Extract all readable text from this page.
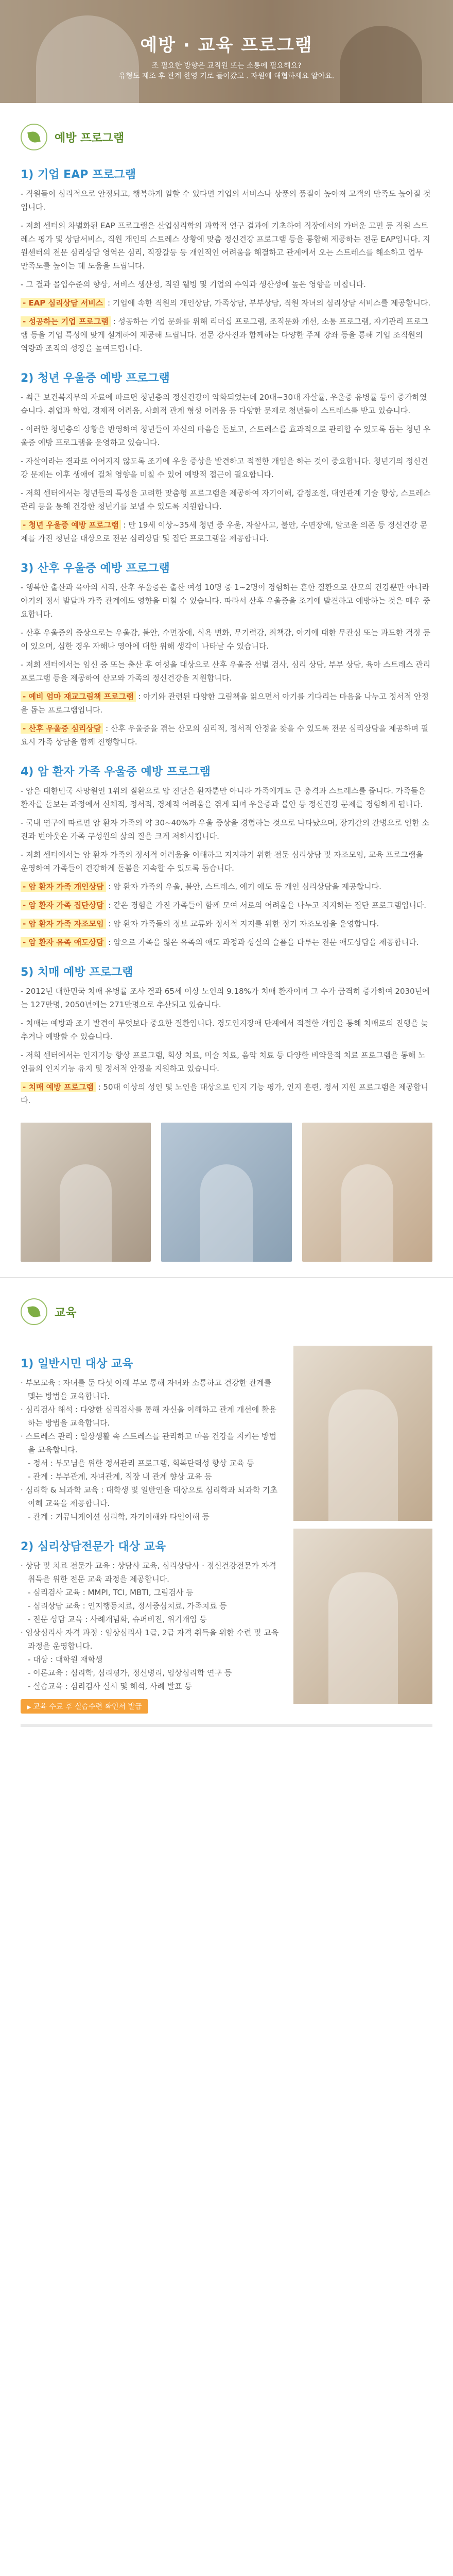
예방 · 교육 프로그램
조 필요한 방향은 교직원 또는 소통에 필요해요?
유형도 제조 후 관계 한영 기로 들어갔고 . 자원에 해협하세요 알아요.
예방 프로그램
1) 기업 EAP 프로그램

- 직원들이 심리적으로 안정되고, 행복하게 일할 수 있다면 기업의 서비스나 상품의 품질이 높아져 고객의 만족도 높아질 것입니다.

- 저희 센터의 차별화된 EAP 프로그램은 산업심리학의 과학적 연구 결과에 기초하여 직장에서의 가벼운 고민 등 직원 스트레스 평가 및 상담서비스, 직원 개인의 스트레스 상황에 맞춤 정신건강 프로그램 등을 통합해 제공하는 전문 EAP입니다. 지원센터의 전문 심리상담 영역은 심리, 직장갈등 등 개인적인 어려움을 해결하고 관계에서 오는 스트레스를 해소하고 업무 만족도를 높이는 데 도움을 드립니다.

- 그 결과 몰입수준의 향상, 서비스 생산성, 직원 웰빙 및 기업의 수익과 생산성에 높은 영향을 미칩니다.

- EAP 심리상담 서비스 : 기업에 속한 직원의 개인상담, 가족상담, 부부상담, 직원 자녀의 심리상담 서비스를 제공합니다.

- 성공하는 기업 프로그램 : 성공하는 기업 문화를 위해 리더십 프로그램, 조직문화 개선, 소통 프로그램, 자기관리 프로그램 등을 기업 특성에 맞게 설계하여 제공해 드립니다. 전문 강사진과 함께하는 다양한 주제 강좌 등을 통해 기업 조직원의 역량과 조직의 성장을 높여드립니다.

2) 청년 우울증 예방 프로그램

- 최근 보건복지부의 자료에 따르면 청년층의 정신건강이 악화되었는데 20대~30대 자살률, 우울증 유병률 등이 증가하였습니다. 취업과 학업, 경제적 어려움, 사회적 관계 형성 어려움 등 다양한 문제로 청년들이 스트레스를 받고 있습니다.

- 이러한 청년층의 상황을 반영하여 청년들이 자신의 마음을 돌보고, 스트레스를 효과적으로 관리할 수 있도록 돕는 청년 우울증 예방 프로그램을 운영하고 있습니다.

- 자살이라는 결과로 이어지지 않도록 조기에 우울 증상을 발견하고 적절한 개입을 하는 것이 중요합니다. 청년기의 정신건강 문제는 이후 생애에 걸쳐 영향을 미칠 수 있어 예방적 접근이 필요합니다.

- 저희 센터에서는 청년들의 특성을 고려한 맞춤형 프로그램을 제공하여 자기이해, 감정조절, 대인관계 기술 향상, 스트레스 관리 등을 통해 건강한 청년기를 보낼 수 있도록 지원합니다.

- 청년 우울증 예방 프로그램 : 만 19세 이상~35세 청년 중 우울, 자살사고, 불안, 수면장애, 알코올 의존 등 정신건강 문제를 가진 청년을 대상으로 전문 심리상담 및 집단 프로그램을 제공합니다.

3) 산후 우울증 예방 프로그램

- 행복한 출산과 육아의 시작, 산후 우울증은 출산 여성 10명 중 1~2명이 경험하는 흔한 질환으로 산모의 건강뿐만 아니라 아기의 정서 발달과 가족 관계에도 영향을 미칠 수 있습니다. 따라서 산후 우울증을 조기에 발견하고 예방하는 것은 매우 중요합니다.

- 산후 우울증의 증상으로는 우울감, 불안, 수면장애, 식욕 변화, 무기력감, 죄책감, 아기에 대한 무관심 또는 과도한 걱정 등이 있으며, 심한 경우 자해나 영아에 대한 위해 생각이 나타날 수 있습니다.

- 저희 센터에서는 임신 중 또는 출산 후 여성을 대상으로 산후 우울증 선별 검사, 심리 상담, 부부 상담, 육아 스트레스 관리 프로그램 등을 제공하여 산모와 가족의 정신건강을 지원합니다.

- 예비 엄마 재교그림책 프로그램 : 아기와 관련된 다양한 그림책을 읽으면서 아기를 기다리는 마음을 나누고 정서적 안정을 돕는 프로그램입니다.

- 산후 우울증 심리상담 : 산후 우울증을 겪는 산모의 심리적, 정서적 안정을 찾을 수 있도록 전문 심리상담을 제공하며 필요시 가족 상담을 함께 진행합니다.

4) 암 환자 가족 우울증 예방 프로그램

- 암은 대한민국 사망원인 1위의 질환으로 암 진단은 환자뿐만 아니라 가족에게도 큰 충격과 스트레스를 줍니다. 가족들은 환자를 돌보는 과정에서 신체적, 정서적, 경제적 어려움을 겪게 되며 우울증과 불안 등 정신건강 문제를 경험하게 됩니다.

- 국내 연구에 따르면 암 환자 가족의 약 30~40%가 우울 증상을 경험하는 것으로 나타났으며, 장기간의 간병으로 인한 소진과 번아웃은 가족 구성원의 삶의 질을 크게 저하시킵니다.

- 저희 센터에서는 암 환자 가족의 정서적 어려움을 이해하고 지지하기 위한 전문 심리상담 및 자조모임, 교육 프로그램을 운영하여 가족들이 건강하게 돌봄을 지속할 수 있도록 돕습니다.

- 암 환자 가족 개인상담 : 암 환자 가족의 우울, 불안, 스트레스, 예기 애도 등 개인 심리상담을 제공합니다.

- 암 환자 가족 집단상담 : 같은 경험을 가진 가족들이 함께 모여 서로의 어려움을 나누고 지지하는 집단 프로그램입니다.

- 암 환자 가족 자조모임 : 암 환자 가족들의 정보 교류와 정서적 지지를 위한 정기 자조모임을 운영합니다.

- 암 환자 유족 애도상담 : 암으로 가족을 잃은 유족의 애도 과정과 상실의 슬픔을 다루는 전문 애도상담을 제공합니다.

5) 치매 예방 프로그램

- 2012년 대한민국 치매 유병률 조사 결과 65세 이상 노인의 9.18%가 치매 환자이며 그 수가 급격히 증가하여 2030년에는 127만명, 2050년에는 271만명으로 추산되고 있습니다.

- 치매는 예방과 조기 발견이 무엇보다 중요한 질환입니다. 경도인지장애 단계에서 적절한 개입을 통해 치매로의 진행을 늦추거나 예방할 수 있습니다.

- 저희 센터에서는 인지기능 향상 프로그램, 회상 치료, 미술 치료, 음악 치료 등 다양한 비약물적 치료 프로그램을 통해 노인들의 인지기능 유지 및 정서적 안정을 지원하고 있습니다.

- 치매 예방 프로그램 : 50대 이상의 성인 및 노인을 대상으로 인지 기능 평가, 인지 훈련, 정서 지원 프로그램을 제공합니다.

교육
1) 일반시민 대상 교육

· 부모교육 : 자녀를 둔 다섯 아래 부모 통해 자녀와 소통하고 건강한 관계를 맺는 방법을 교육합니다.

· 심리검사 해석 : 다양한 심리검사를 통해 자신을 이해하고 관계 개선에 활용하는 방법을 교육합니다.

· 스트레스 관리 : 일상생활 속 스트레스를 관리하고 마음 건강을 지키는 방법을 교육합니다.

- 정서 : 부모님을 위한 정서관리 프로그램, 회복탄력성 향상 교육 등

- 관계 : 부부관계, 자녀관계, 직장 내 관계 향상 교육 등

· 심리학 & 뇌과학 교육 : 대학생 및 일반인을 대상으로 심리학과 뇌과학 기초 이해 교육을 제공합니다.

- 관계 : 커뮤니케이션 심리학, 자기이해와 타인이해 등

2) 심리상담전문가 대상 교육

· 상담 및 치료 전문가 교육 : 상담사 교육, 심리상담사 · 정신건강전문가 자격 취득을 위한 전문 교육 과정을 제공합니다.

- 심리검사 교육 : MMPI, TCI, MBTI, 그림검사 등

- 심리상담 교육 : 인지행동치료, 정서중심치료, 가족치료 등

- 전문 상담 교육 : 사례개념화, 슈퍼비전, 위기개입 등

· 임상심리사 자격 과정 : 임상심리사 1급, 2급 자격 취득을 위한 수련 및 교육 과정을 운영합니다.

- 대상 : 대학원 재학생

- 이론교육 : 심리학, 심리평가, 정신병리, 임상심리학 연구 등

- 실습교육 : 심리검사 실시 및 해석, 사례 발표 등

▶ 교육 수료 후 실습수련 확인서 발급
